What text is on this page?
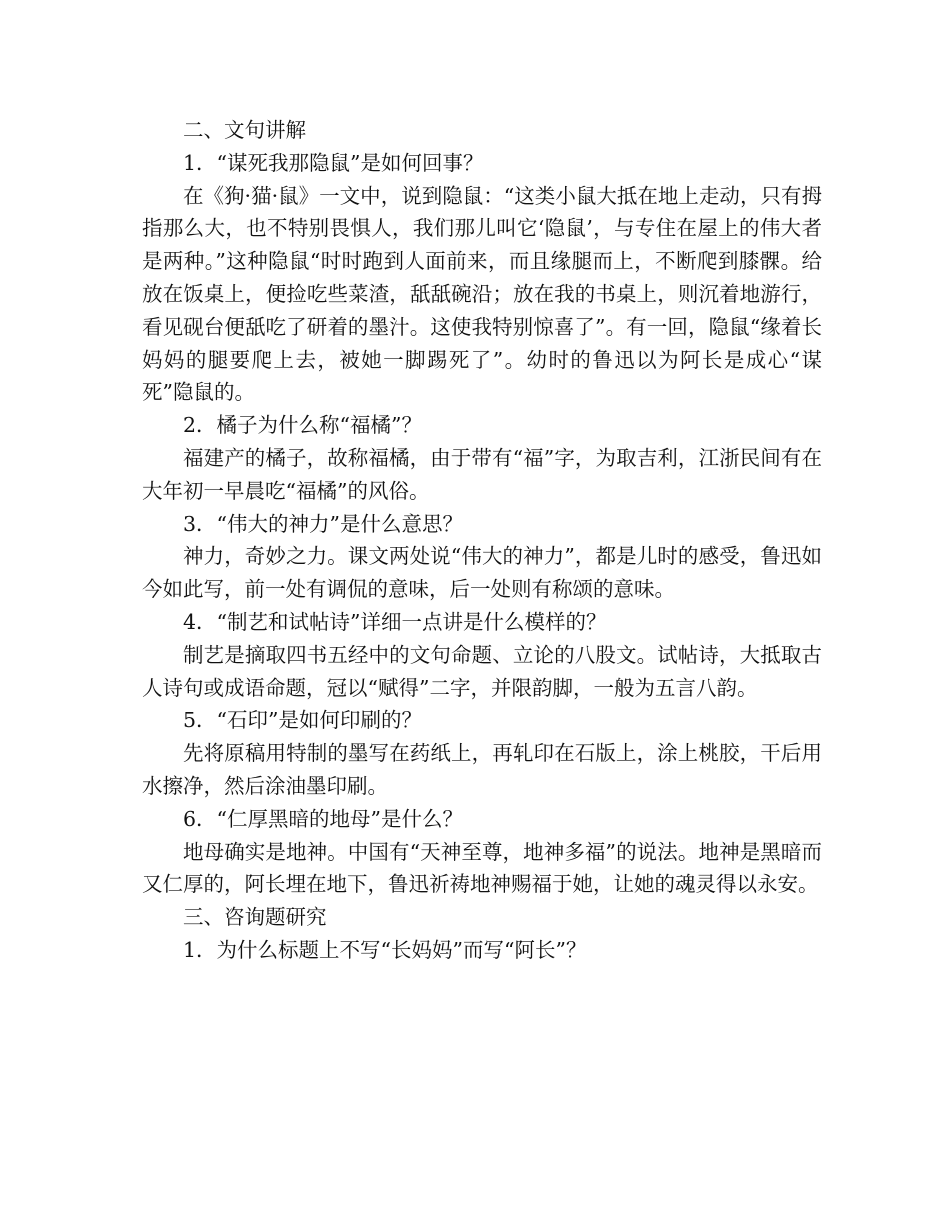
二、文句讲解

1．“谋死我那隐鼠”是如何回事？

在《狗·猫·鼠》一文中，说到隐鼠：“这类小鼠大抵在地上走动，只有拇指那么大，也不特别畏惧人，我们那儿叫它‘隐鼠’，与专住在屋上的伟大者是两种。”这种隐鼠“时时跑到人面前来，而且缘腿而上，不断爬到膝髁。给放在饭桌上，便捡吃些菜渣，舐舐碗沿；放在我的书桌上，则沉着地游行，看见砚台便舐吃了研着的墨汁。这使我特别惊喜了”。有一回，隐鼠“缘着长妈妈的腿要爬上去，被她一脚踢死了”。幼时的鲁迅以为阿长是成心“谋死”隐鼠的。

2．橘子为什么称“福橘”？

福建产的橘子，故称福橘，由于带有“福”字，为取吉利，江浙民间有在大年初一早晨吃“福橘”的风俗。

3．“伟大的神力”是什么意思？

神力，奇妙之力。课文两处说“伟大的神力”，都是儿时的感受，鲁迅如今如此写，前一处有调侃的意味，后一处则有称颂的意味。

4．“制艺和试帖诗”详细一点讲是什么模样的？

制艺是摘取四书五经中的文句命题、立论的八股文。试帖诗，大抵取古人诗句或成语命题，冠以“赋得”二字，并限韵脚，一般为五言八韵。

5．“石印”是如何印刷的？

先将原稿用特制的墨写在药纸上，再轧印在石版上，涂上桃胶，干后用水擦净，然后涂油墨印刷。

6．“仁厚黑暗的地母”是什么？

地母确实是地神。中国有“天神至尊，地神多福”的说法。地神是黑暗而又仁厚的，阿长埋在地下，鲁迅祈祷地神赐福于她，让她的魂灵得以永安。

三、咨询题研究

1．为什么标题上不写“长妈妈”而写“阿长”？
